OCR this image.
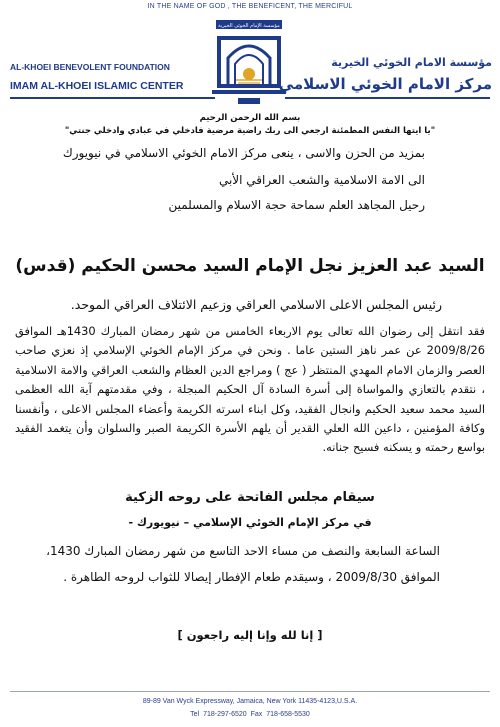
IN THE NAME OF GOD , THE BENEFICENT, THE MERCIFUL
مؤسسة الإمام الخوئي الخيرية
AL-KHOEI BENEVOLENT FOUNDATION
IMAM AL-KHOEI ISLAMIC CENTER
مؤسسة الامام الخوئي الخيرية
مركز الامام الخوئي الاسلامي
بسم الله الرحمن الرحيم
"يا ايتها النفس المطمئنة ارجعي الى ربك راضية مرضية فادخلي في عبادي وادخلي جنتي"
بمزيد من الحزن والاسى ، ينعى مركز الامام الخوئي الاسلامي في نيويورك
الى الامة الاسلامية والشعب العراقي الأبي
رحيل المجاهد العلم سماحة حجة الاسلام والمسلمين
السيد عبد العزيز نجل الإمام السيد محسن الحكيم (قدس)
رئيس المجلس الاعلى الاسلامي العراقي وزعيم الائتلاف العراقي الموحد.
فقد انتقل إلى رضوان الله تعالى يوم الاربعاء الخامس من شهر رمضان المبارك 1430هـ الموافق 2009/8/26 عن عمر ناهز الستين عاما . ونحن في مركز الإمام الخوئي الإسلامي إذ نعزي صاحب العصر والزمان الامام المهدي المنتظر ( عج ) ومراجع الدين العظام والشعب العراقي والامة الاسلامية ، نتقدم بالتعازي والمواساة إلى أسرة السادة آل الحكيم المبجلة ، وفي مقدمتهم آية الله العظمى السيد محمد سعيد الحكيم وانجال الفقيد، وكل ابناء اسرته الكريمة وأعضاء المجلس الاعلى ، وأنفسنا وكافة المؤمنين ، داعين الله العلي القدير أن يلهم الأسرة الكريمة الصبر والسلوان وأن يتغمد الفقيد بواسع رحمته و يسكنه فسيح جنانه.
سيقام مجلس الفاتحة على روحه الزكية
في مركز الإمام الخوئي الإسلامي – نيويورك -
الساعة السابعة والنصف من مساء الاحد التاسع من شهر رمضان المبارك 1430،
الموافق 2009/8/30 ، وسيقدم طعام الإفطار إيصالا للثواب لروحه الطاهرة .
[ إنا لله وإنا إليه راجعون ]
89-89 Van Wyck Expressway, Jamaica, New York 11435-4123,U.S.A.
Tel 718-297-6520 Fax 718-658-5530
